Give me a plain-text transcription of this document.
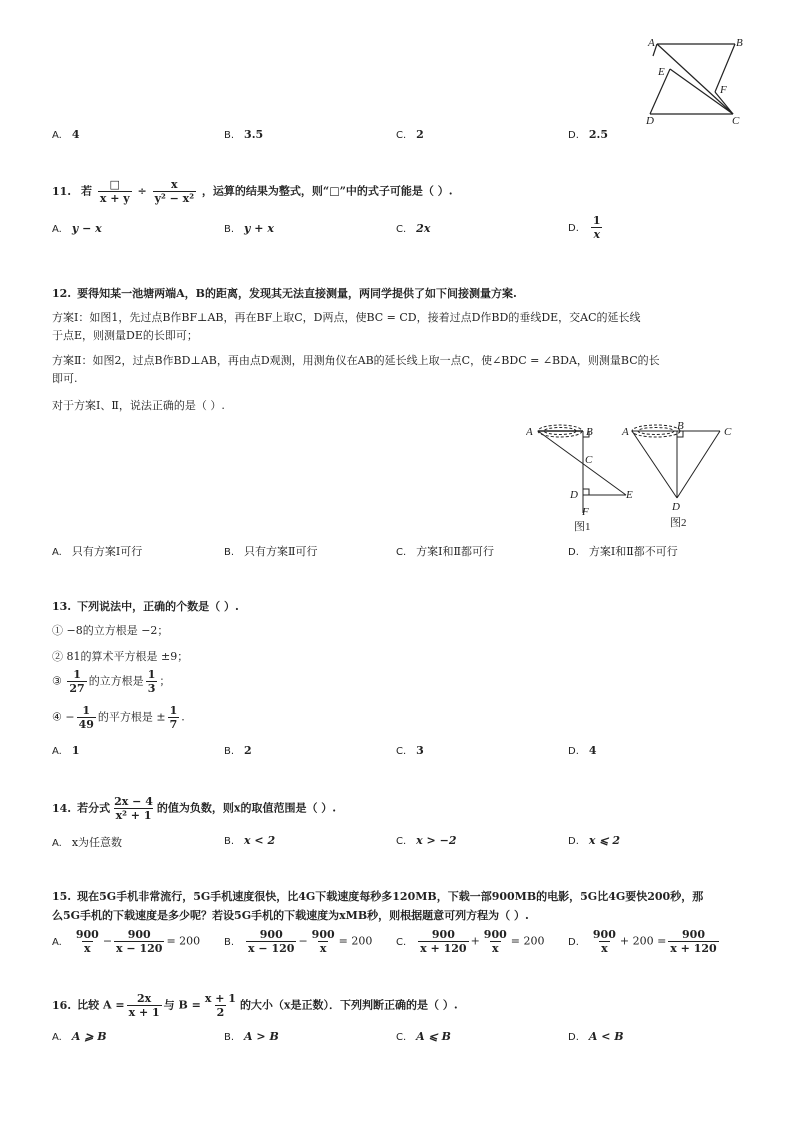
A	B
E
F
D	C
A. 4	B. 3.5	C. 2	D. 2.5
11. 若 $\frac{□}{x + y} \div \frac{x}{\text{y² − x²}}$ ，运算的结果为整式，则“□”中的式子可能是（ ）.
A. y − x	B. y + x	C. 2x	D. $\frac{1}{x}$
12. 要得知某一池塘两端A，B的距离，发现其无法直接测量，两同学提供了如下间接测量方案.
方案Ⅰ：如图1，先过点B作BF⊥AB，再在BF上取C，D两点，使BC = CD，接着过点D作BD的垂线DE，交AC的延长线
于点E，则测量DE的长即可；
方案Ⅱ：如图2，过点B作BD⊥AB，再由点D观测，用测角仪在AB的延长线上取一点C，使∠BDC = ∠BDA，则测量BC的长
即可.
对于方案Ⅰ、Ⅱ，说法正确的是（ ）.
A	B
C
D	E
F
图1
A	B	C
D
图2
A. 只有方案Ⅰ可行	B. 只有方案Ⅱ可行	C. 方案Ⅰ和Ⅱ都可行	D. 方案Ⅰ和Ⅱ都不可行
13. 下列说法中，正确的个数是（ ）.
① −8的立方根是 −2；
② 81的算术平方根是 ±9；
③ $\frac{1}{27}$ 的立方根是 $\frac{1}{3}$ ；
④ − $\frac{1}{49}$ 的平方根是 ± $\frac{1}{7}$ .
A. 1	B. 2	C. 3	D. 4
14. 若分式 $\frac{2x - 4}{\text{x² + 1}}$ 的值为负数，则x的取值范围是（ ）.
A. x为任意数	B. x < 2	C. x > −2	D. x ⩽ 2
15. 现在5G手机非常流行，5G手机速度很快，比4G下载速度每秒多120MB，下载一部900MB的电影，5G比4G要快200秒，那
么5G手机的下载速度是多少呢？若设5G手机的下载速度为xMB秒，则根据题意可列方程为（ ）.
A. $\frac{900}{x} - \frac{900}{x - 120} = 200$ B. $\frac{900}{x - 120} - \frac{900}{x} = 200$ C. $\frac{900}{x + 120} + \frac{900}{x} = 200$ D. $\frac{900}{x} + 200 = \frac{900}{x + 120}$
16. 比较 $A = \frac{2x}{x + 1}$ 与 $B = \frac{x + 1}{2}$ 的大小（x是正数）．下列判断正确的是（ ）.
A. A ⩾ B	B. A > B	C. A ⩽ B	D. A < B
